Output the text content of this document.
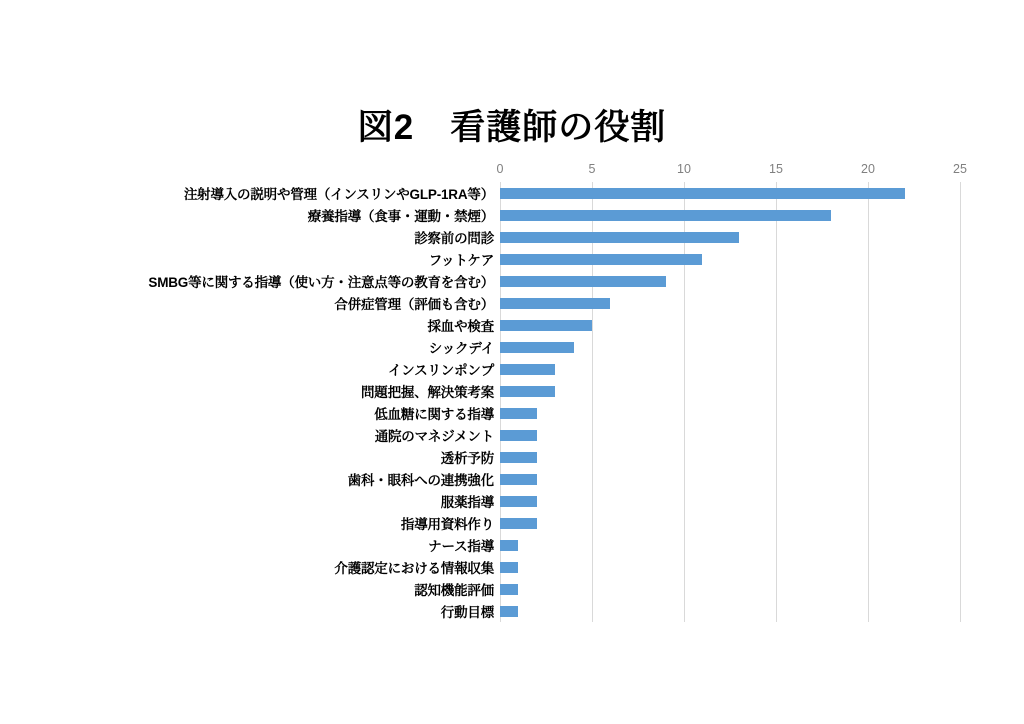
図2　看護師の役割
0	5	10	15	20	25
注射導入の説明や管理（インスリンやGLP-1RA等）
療養指導（食事・運動・禁煙）
診察前の問診
フットケア
SMBG等に関する指導（使い方・注意点等の教育を含む）
合併症管理（評価も含む）
採血や検査
シックデイ
インスリンポンプ
問題把握、解決策考案
低血糖に関する指導
通院のマネジメント
透析予防
歯科・眼科への連携強化
服薬指導
指導用資料作り
ナース指導
介護認定における情報収集
認知機能評価
行動目標
